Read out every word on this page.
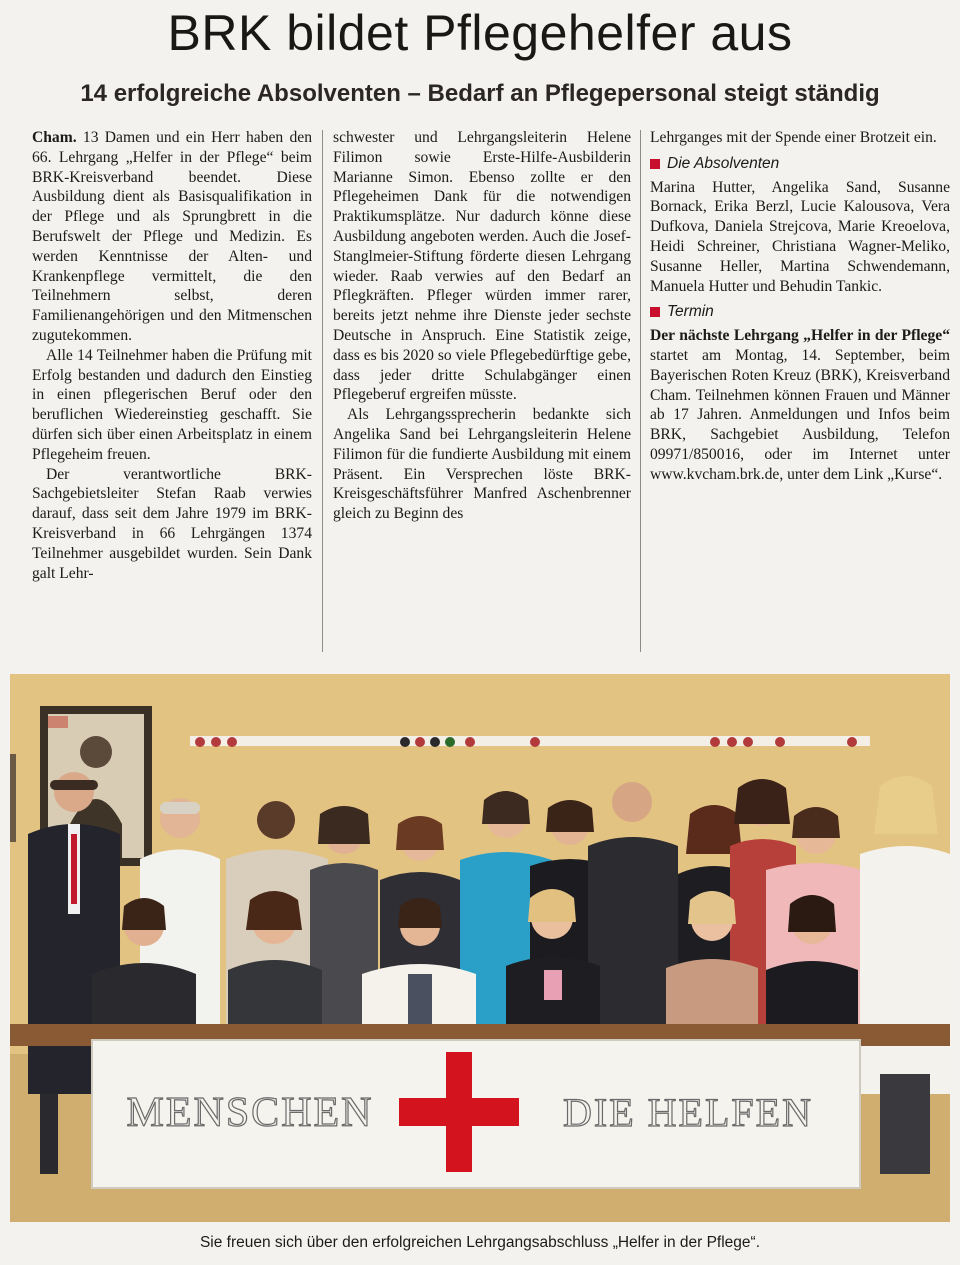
BRK bildet Pflegehelfer aus
14 erfolgreiche Absolventen – Bedarf an Pflegepersonal steigt ständig

Cham. 13 Damen und ein Herr haben den 66. Lehrgang „Helfer in der Pflege“ beim BRK-Kreisverband beendet. Diese Ausbildung dient als Basisqualifikation in der Pflege und als Sprungbrett in die Berufswelt der Pflege und Medizin. Es werden Kenntnisse der Alten- und Krankenpflege vermittelt, die den Teilnehmern selbst, deren Familienangehörigen und den Mitmenschen zugutekommen.

Alle 14 Teilnehmer haben die Prüfung mit Erfolg bestanden und dadurch den Einstieg in einen pflegerischen Beruf oder den beruflichen Wiedereinstieg geschafft. Sie dürfen sich über einen Arbeitsplatz in einem Pflegeheim freuen.

Der verantwortliche BRK-Sachgebietsleiter Stefan Raab verwies darauf, dass seit dem Jahre 1979 im BRK-Kreisverband in 66 Lehrgängen 1374 Teilnehmer ausgebildet wurden. Sein Dank galt Lehr-

schwester und Lehrgangsleiterin Helene Filimon sowie Erste-Hilfe-Ausbilderin Marianne Simon. Ebenso zollte er den Pflegeheimen Dank für die notwendigen Praktikumsplätze. Nur dadurch könne diese Ausbildung angeboten werden. Auch die Josef-Stanglmeier-Stiftung förderte diesen Lehrgang wieder. Raab verwies auf den Bedarf an Pflegkräften. Pfleger würden immer rarer, bereits jetzt nehme ihre Dienste jeder sechste Deutsche in Anspruch. Eine Statistik zeige, dass es bis 2020 so viele Pflegebedürftige gebe, dass jeder dritte Schulabgänger einen Pflegeberuf ergreifen müsste.

Als Lehrgangssprecherin bedankte sich Angelika Sand bei Lehrgangsleiterin Helene Filimon für die fundierte Ausbildung mit einem Präsent. Ein Versprechen löste BRK-Kreisgeschäftsführer Manfred Aschenbrenner gleich zu Beginn des

Lehrganges mit der Spende einer Brotzeit ein.

Die Absolventen

Marina Hutter, Angelika Sand, Susanne Bornack, Erika Berzl, Lucie Kalousova, Vera Dufkova, Daniela Strejcova, Marie Kreoelova, Heidi Schreiner, Christiana Wagner-Meliko, Susanne Heller, Martina Schwendemann, Manuela Hutter und Behudin Tankic.

Termin

Der nächste Lehrgang „Helfer in der Pflege“ startet am Montag, 14. September, beim Bayerischen Roten Kreuz (BRK), Kreisverband Cham. Teilnehmen können Frauen und Männer ab 17 Jahren. Anmeldungen und Infos beim BRK, Sachgebiet Ausbildung, Telefon 09971/850016, oder im Internet unter www.kvcham.brk.de, unter dem Link „Kurse“.

MENSCHEN	DIE HELFEN

Sie freuen sich über den erfolgreichen Lehrgangsabschluss „Helfer in der Pflege“.
